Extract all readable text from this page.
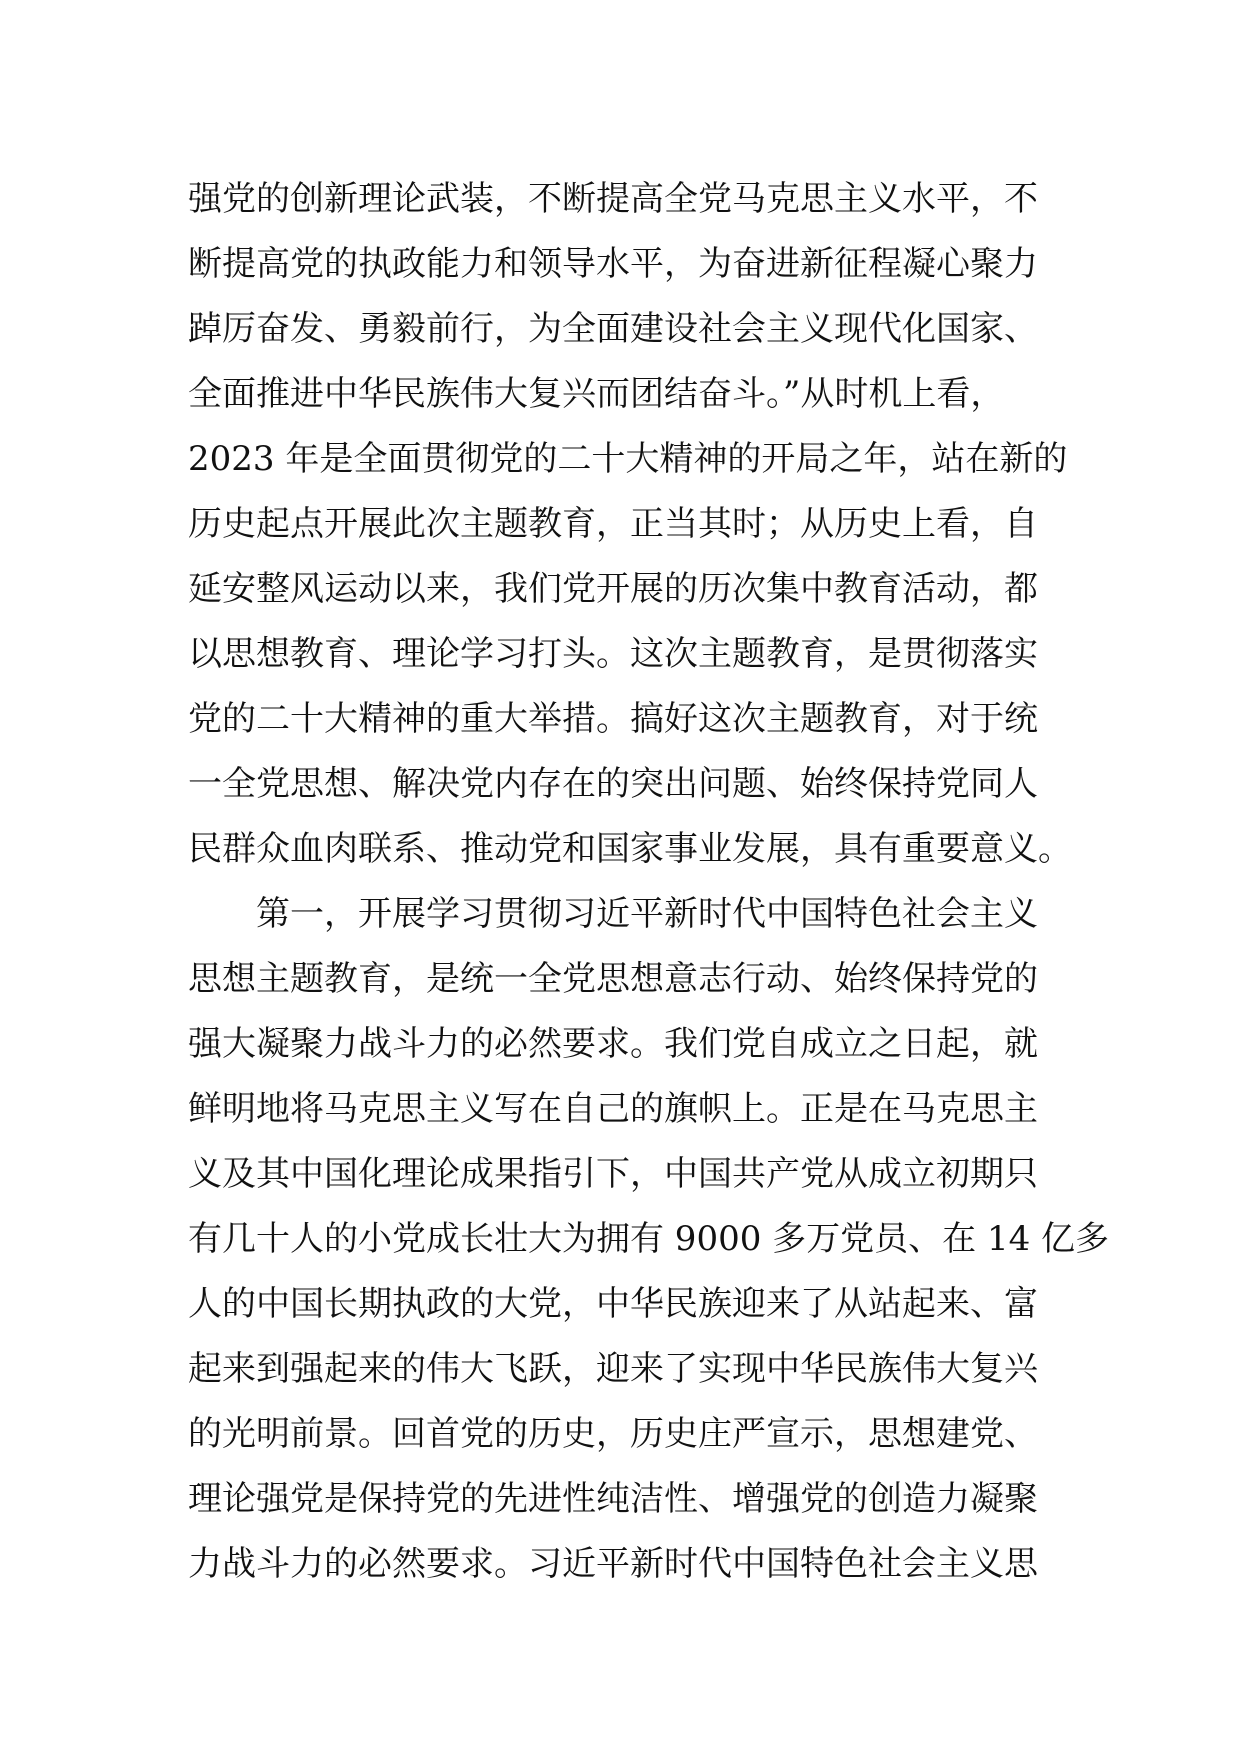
强党的创新理论武装，不断提高全党马克思主义水平，不
断提高党的执政能力和领导水平，为奋进新征程凝心聚力
踔厉奋发、勇毅前行，为全面建设社会主义现代化国家、
全面推进中华民族伟大复兴而团结奋斗。”从时机上看，
2023 年是全面贯彻党的二十大精神的开局之年，站在新的
历史起点开展此次主题教育，正当其时；从历史上看，自
延安整风运动以来，我们党开展的历次集中教育活动，都
以思想教育、理论学习打头。这次主题教育，是贯彻落实
党的二十大精神的重大举措。搞好这次主题教育，对于统
一全党思想、解决党内存在的突出问题、始终保持党同人
民群众血肉联系、推动党和国家事业发展，具有重要意义。
第一，开展学习贯彻习近平新时代中国特色社会主义
思想主题教育，是统一全党思想意志行动、始终保持党的
强大凝聚力战斗力的必然要求。我们党自成立之日起，就
鲜明地将马克思主义写在自己的旗帜上。正是在马克思主
义及其中国化理论成果指引下，中国共产党从成立初期只
有几十人的小党成长壮大为拥有 9000 多万党员、在 14 亿多
人的中国长期执政的大党，中华民族迎来了从站起来、富
起来到强起来的伟大飞跃，迎来了实现中华民族伟大复兴
的光明前景。回首党的历史，历史庄严宣示，思想建党、
理论强党是保持党的先进性纯洁性、增强党的创造力凝聚
力战斗力的必然要求。习近平新时代中国特色社会主义思
